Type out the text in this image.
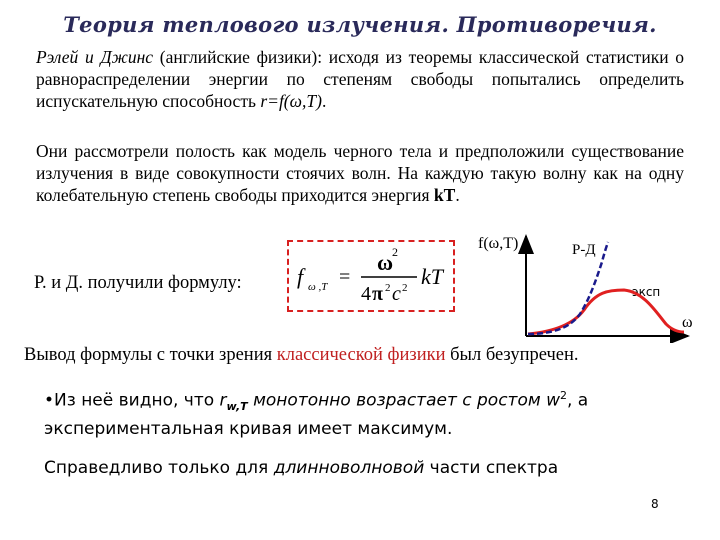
Теория теплового излучения. Противоречия.
Рэлей и Джинс (английские физики): исходя из теоремы классической статистики о равнораспределении энергии по степеням свободы попытались определить испускательную способность r=f(ω,T).
Они рассмотрели полость как модель черного тела и предположили существование излучения в виде совокупности стоячих волн. На каждую такую волну как на одну колебательную степень свободы приходится энергия kT.
Р. и Д. получили формулу:	f ω ,T =
ω
2
4 π 2 c 2 kT
f(ω,T)
ω
Р-Д
эксп
Вывод формулы с точки зрения классической физики был безупречен.
•Из неё видно, что $r_{w,T}$ монотонно возрастает с ростом $w^2$, а экспериментальная кривая имеет максимум.
Справедливо только для длинноволновой части спектра
8
